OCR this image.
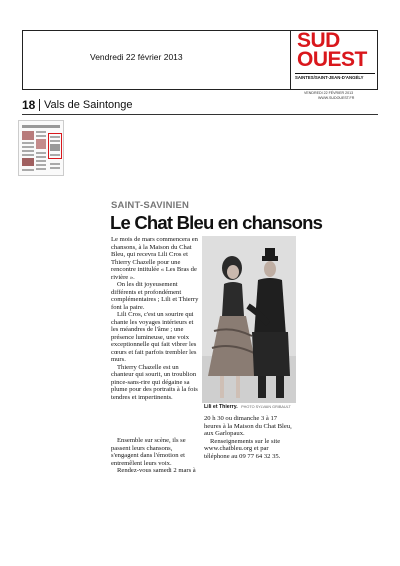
Vendredi 22 février 2013
SUD
OUEST
SAINTES/SAINT-JEAN-D'ANGÉLY
VENDREDI 22 FÉVRIER 2013
WWW.SUDOUEST.FR
18 Vals de Saintonge
SAINT-SAVINIEN
Le Chat Bleu en chansons

Le mois de mars commencera en chansons, à la Maison du Chat Bleu, qui recevra Lili Cros et Thierry Chazelle pour une rencontre intitulée « Les Bras de rivière ».

On les dit joyeusement différents et profondément complémentaires ; Lili et Thierry font la paire.

Lili Cros, c'est un sourire qui chante les voyages intérieurs et les méandres de l'âme ; une présence lumineuse, une voix exceptionnelle qui fait vibrer les cœurs et fait parfois trembler les murs.

Thierry Chazelle est un chanteur qui sourit, un troublion pince-sans-rire qui dégaine sa plume pour des portraits à la fois tendres et impertinents.

Ensemble sur scène, ils se passent leurs chansons, s'engagent dans l'émotion et entremêlent leurs voix.

Rendez-vous samedi 2 mars à

Lili et Thierry. PHOTO SYLVAIN GRIBAULT

20 h 30 ou dimanche 3 à 17 heures à la Maison du Chat Bleu, aux Garlopaux.

Renseignements sur le site www.chatbleu.org et par téléphone au 09 77 64 32 35.
